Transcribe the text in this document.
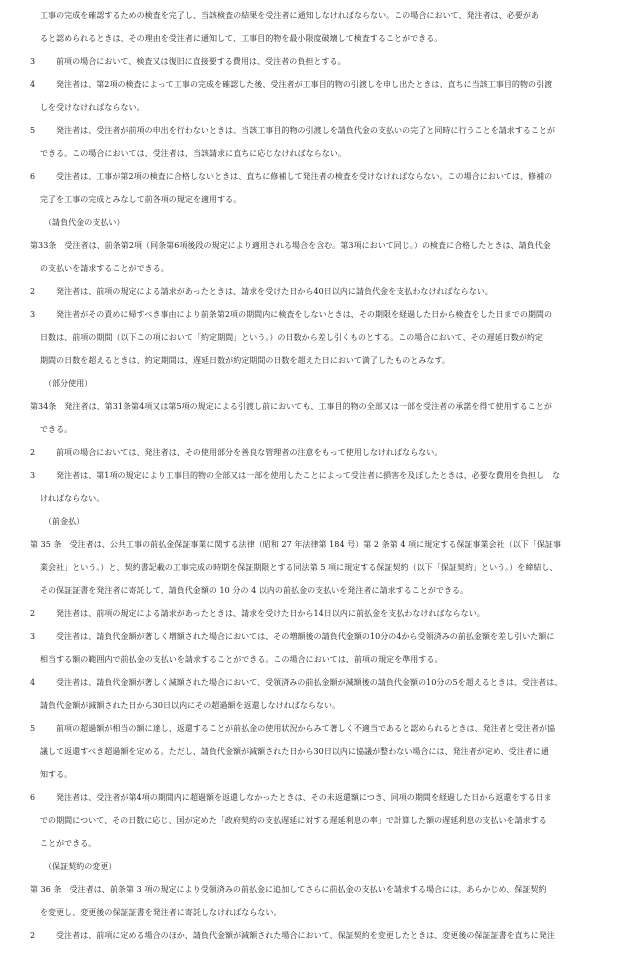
工事の完成を確認するための検査を完了し、当該検査の結果を受注者に通知しなければならない。この場合において、発注者は、必要があ
ると認められるときは、その理由を受注者に通知して、工事目的物を最小限度破壊して検査することができる。
3	前項の場合において、検査又は復旧に直接要する費用は、受注者の負担とする。
4	発注者は、第2項の検査によって工事の完成を確認した後、受注者が工事目的物の引渡しを申し出たときは、直ちに当該工事目的物の引渡
しを受けなければならない。
5	発注者は、受注者が前項の申出を行わないときは、当該工事目的物の引渡しを請負代金の支払いの完了と同時に行うことを請求することが
できる。この場合においては、受注者は、当該請求に直ちに応じなければならない。
6	受注者は、工事が第2項の検査に合格しないときは、直ちに修補して発注者の検査を受けなければならない。この場合においては、修補の
完了を工事の完成とみなして前各項の規定を適用する。
（請負代金の支払い）
第33条　受注者は、前条第2項（同条第6項後段の規定により適用される場合を含む。第3項において同じ。）の検査に合格したときは、請負代金
の支払いを請求することができる。
2	発注者は、前項の規定による請求があったときは、請求を受けた日から40日以内に請負代金を支払わなければならない。
3	発注者がその責めに帰すべき事由により前条第2項の期間内に検査をしないときは、その期限を経過した日から検査をした日までの期間の
日数は、前項の期間（以下この項において「約定期間」という。）の日数から差し引くものとする。この場合において、その遅延日数が約定
期間の日数を超えるときは、約定期間は、遅延日数が約定期間の日数を超えた日において満了したものとみなす。
（部分使用）
第34条　発注者は、第31条第4項又は第5項の規定による引渡し前においても、工事目的物の全部又は一部を受注者の承諾を得て使用することが
できる。
2	前項の場合においては、発注者は、その使用部分を善良な管理者の注意をもって使用しなければならない。
3	発注者は、第1項の規定により工事目的物の全部又は一部を使用したことによって受注者に損害を及ぼしたときは、必要な費用を負担し　な
ければならない。
（前金払）
第 35 条　受注者は、公共工事の前払金保証事業に関する法律（昭和 27 年法律第 184 号）第 2 条第 4 項に規定する保証事業会社（以下「保証事
業会社」という。）と、契約書記載の工事完成の時期を保証期限とする同法第 5 項に規定する保証契約（以下「保証契約」という。）を締結し、
その保証証書を発注者に寄託して、請負代金額の 10 分の 4 以内の前払金の支払いを発注者に請求することができる。
2	発注者は、前項の規定による請求があったときは、請求を受けた日から14日以内に前払金を支払わなければならない。
3	受注者は、請負代金額が著しく増額された場合においては、その増額後の請負代金額の10分の4から受領済みの前払金額を差し引いた額に
相当する額の範囲内で前払金の支払いを請求することができる。この場合においては、前項の規定を準用する。
4	受注者は、請負代金額が著しく減額された場合において、受領済みの前払金額が減額後の請負代金額の10分の5を超えるときは、受注者は、
請負代金額が減額された日から30日以内にその超過額を返還しなければならない。
5	前項の超過額が相当の額に達し、返還することが前払金の使用状況からみて著しく不適当であると認められるときは、発注者と受注者が協
議して返還すべき超過額を定める。ただし、請負代金額が減額された日から30日以内に協議が整わない場合には、発注者が定め、受注者に通
知する。
6	発注者は、受注者が第4項の期間内に超過額を返還しなかったときは、その未返還額につき、同項の期間を経過した日から返還をする日ま
での期間について、その日数に応じ、国が定めた「政府契約の支払遅延に対する遅延利息の率」で計算した額の遅延利息の支払いを請求する
ことができる。
（保証契約の変更）
第 36 条　受注者は、前条第 3 項の規定により受領済みの前払金に追加してさらに前払金の支払いを請求する場合には、あらかじめ、保証契約
を変更し、変更後の保証証書を発注者に寄託しなければならない。
2	受注者は、前項に定める場合のほか、請負代金額が減額された場合において、保証契約を変更したときは、変更後の保証証書を直ちに発注
